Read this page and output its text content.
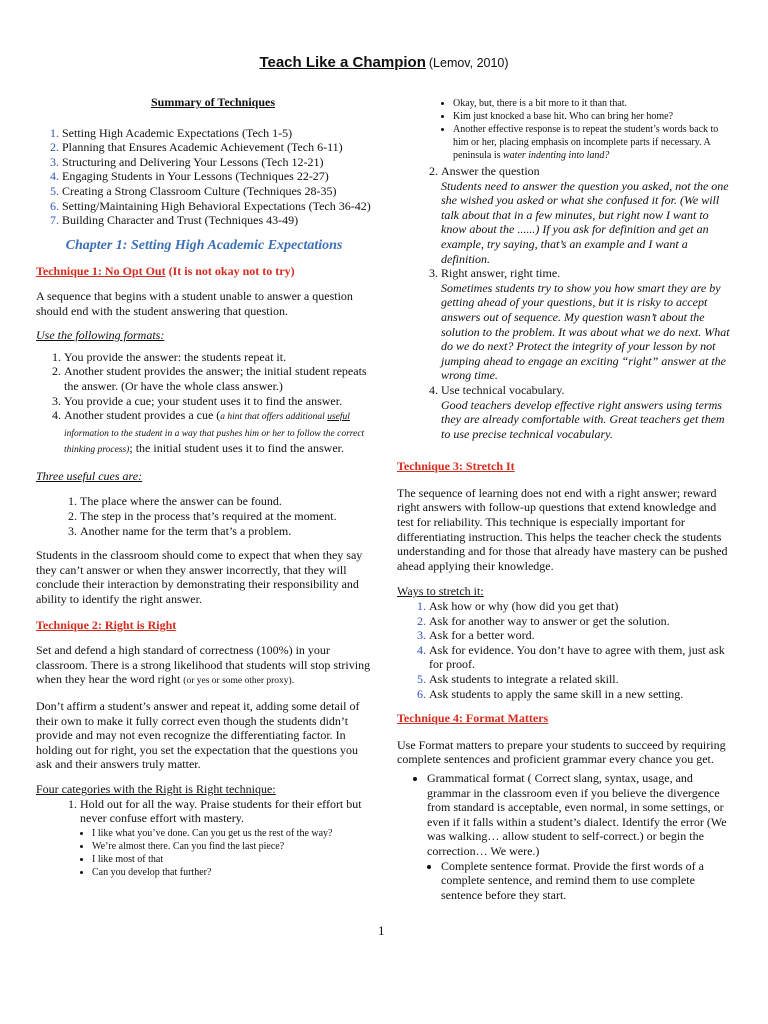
Teach Like a Champion (Lemov, 2010)

Summary of Techniques

1. Setting High Academic Expectations (Tech 1-5)
2. Planning that Ensures Academic Achievement (Tech 6-11)
3. Structuring and Delivering Your Lessons (Tech 12-21)
4. Engaging Students in Your Lessons (Techniques 22-27)
5. Creating a Strong Classroom Culture (Techniques 28-35)
6. Setting/Maintaining High Behavioral Expectations (Tech 36-42)
7. Building Character and Trust (Techniques 43-49)

Chapter 1: Setting High Academic Expectations

Technique 1: No Opt Out (It is not okay not to try)

A sequence that begins with a student unable to answer a question should end with the student answering that question.

Use the following formats:

1. You provide the answer: the students repeat it.
2. Another student provides the answer; the initial student repeats the answer. (Or have the whole class answer.)
3. You provide a cue; your student uses it to find the answer.
4. Another student provides a cue (a hint that offers additional useful information to the student in a way that pushes him or her to follow the correct thinking process); the initial student uses it to find the answer.

Three useful cues are:

1. The place where the answer can be found.
2. The step in the process that’s required at the moment.
3. Another name for the term that’s a problem.

Students in the classroom should come to expect that when they say they can’t answer or when they answer incorrectly, that they will conclude their interaction by demonstrating their responsibility and ability to identify the right answer.

Technique 2: Right is Right

Set and defend a high standard of correctness (100%) in your classroom. There is a strong likelihood that students will stop striving when they hear the word right (or yes or some other proxy).

Don’t affirm a student’s answer and repeat it, adding some detail of their own to make it fully correct even though the students didn’t provide and may not even recognize the differentiating factor. In holding out for right, you set the expectation that the questions you ask and their answers truly matter.

Four categories with the Right is Right technique:

1. Hold out for all the way. Praise students for their effort but never confuse effort with mastery.
• I like what you’ve done. Can you get us the rest of the way?
• We’re almost there. Can you find the last piece?
• I like most of that
• Can you develop that further?
• Okay, but, there is a bit more to it than that.
• Kim just knocked a base hit. Who can bring her home?
• Another effective response is to repeat the student’s words back to him or her, placing emphasis on incomplete parts if necessary. A peninsula is water indenting into land?
2. Answer the question

Students need to answer the question you asked, not the one she wished you asked or what she confused it for. (We will talk about that in a few minutes, but right now I want to know about the ......) If you ask for definition and get an example, try saying, that’s an example and I want a definition.

3. Right answer, right time.

Sometimes students try to show you how smart they are by getting ahead of your questions, but it is risky to accept answers out of sequence. My question wasn’t about the solution to the problem. It was about what we do next. What do we do next? Protect the integrity of your lesson by not jumping ahead to engage an exciting “right” answer at the wrong time.

4. Use technical vocabulary.

Good teachers develop effective right answers using terms they are already comfortable with. Great teachers get them to use precise technical vocabulary.

Technique 3: Stretch It

The sequence of learning does not end with a right answer; reward right answers with follow-up questions that extend knowledge and test for reliability. This technique is especially important for differentiating instruction. This helps the teacher check the students understanding and for those that already have mastery can be pushed ahead applying their knowledge.

Ways to stretch it:

1. Ask how or why (how did you get that)
2. Ask for another way to answer or get the solution.
3. Ask for a better word.
4. Ask for evidence. You don’t have to agree with them, just ask for proof.
5. Ask students to integrate a related skill.
6. Ask students to apply the same skill in a new setting.

Technique 4: Format Matters

Use Format matters to prepare your students to succeed by requiring complete sentences and proficient grammar every chance you get.

• Grammatical format ( Correct slang, syntax, usage, and grammar in the classroom even if you believe the divergence from standard is acceptable, even normal, in some settings, or even if it falls within a student’s dialect. Identify the error (We was walking… allow student to self-correct.) or begin the correction… We were.)
• Complete sentence format. Provide the first words of a complete sentence, and remind them to use complete sentence before they start.
1
